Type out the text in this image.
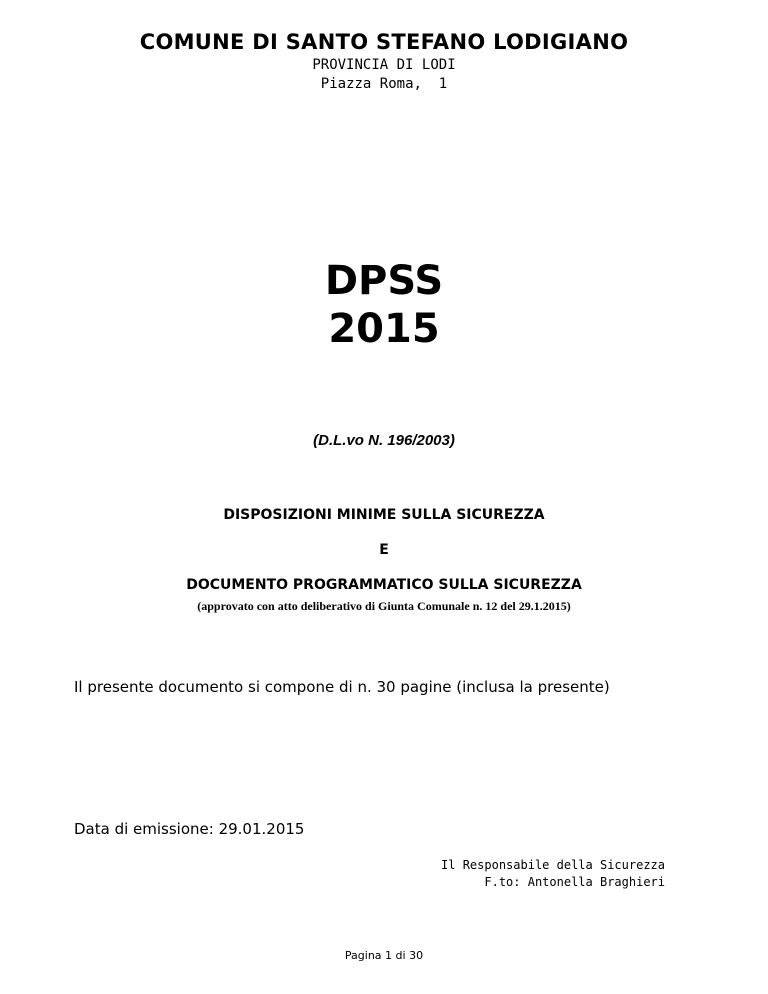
COMUNE DI SANTO STEFANO LODIGIANO
PROVINCIA DI LODI
Piazza Roma,  1
DPSS
2015
(D.L.vo N. 196/2003)
DISPOSIZIONI MINIME SULLA SICUREZZA
E
DOCUMENTO PROGRAMMATICO SULLA SICUREZZA
(approvato con atto deliberativo di Giunta Comunale n. 12 del 29.1.2015)
Il presente documento si compone di n. 30 pagine (inclusa la presente)
Data di emissione: 29.01.2015
Il Responsabile della Sicurezza
F.to: Antonella Braghieri
Pagina 1 di 30
